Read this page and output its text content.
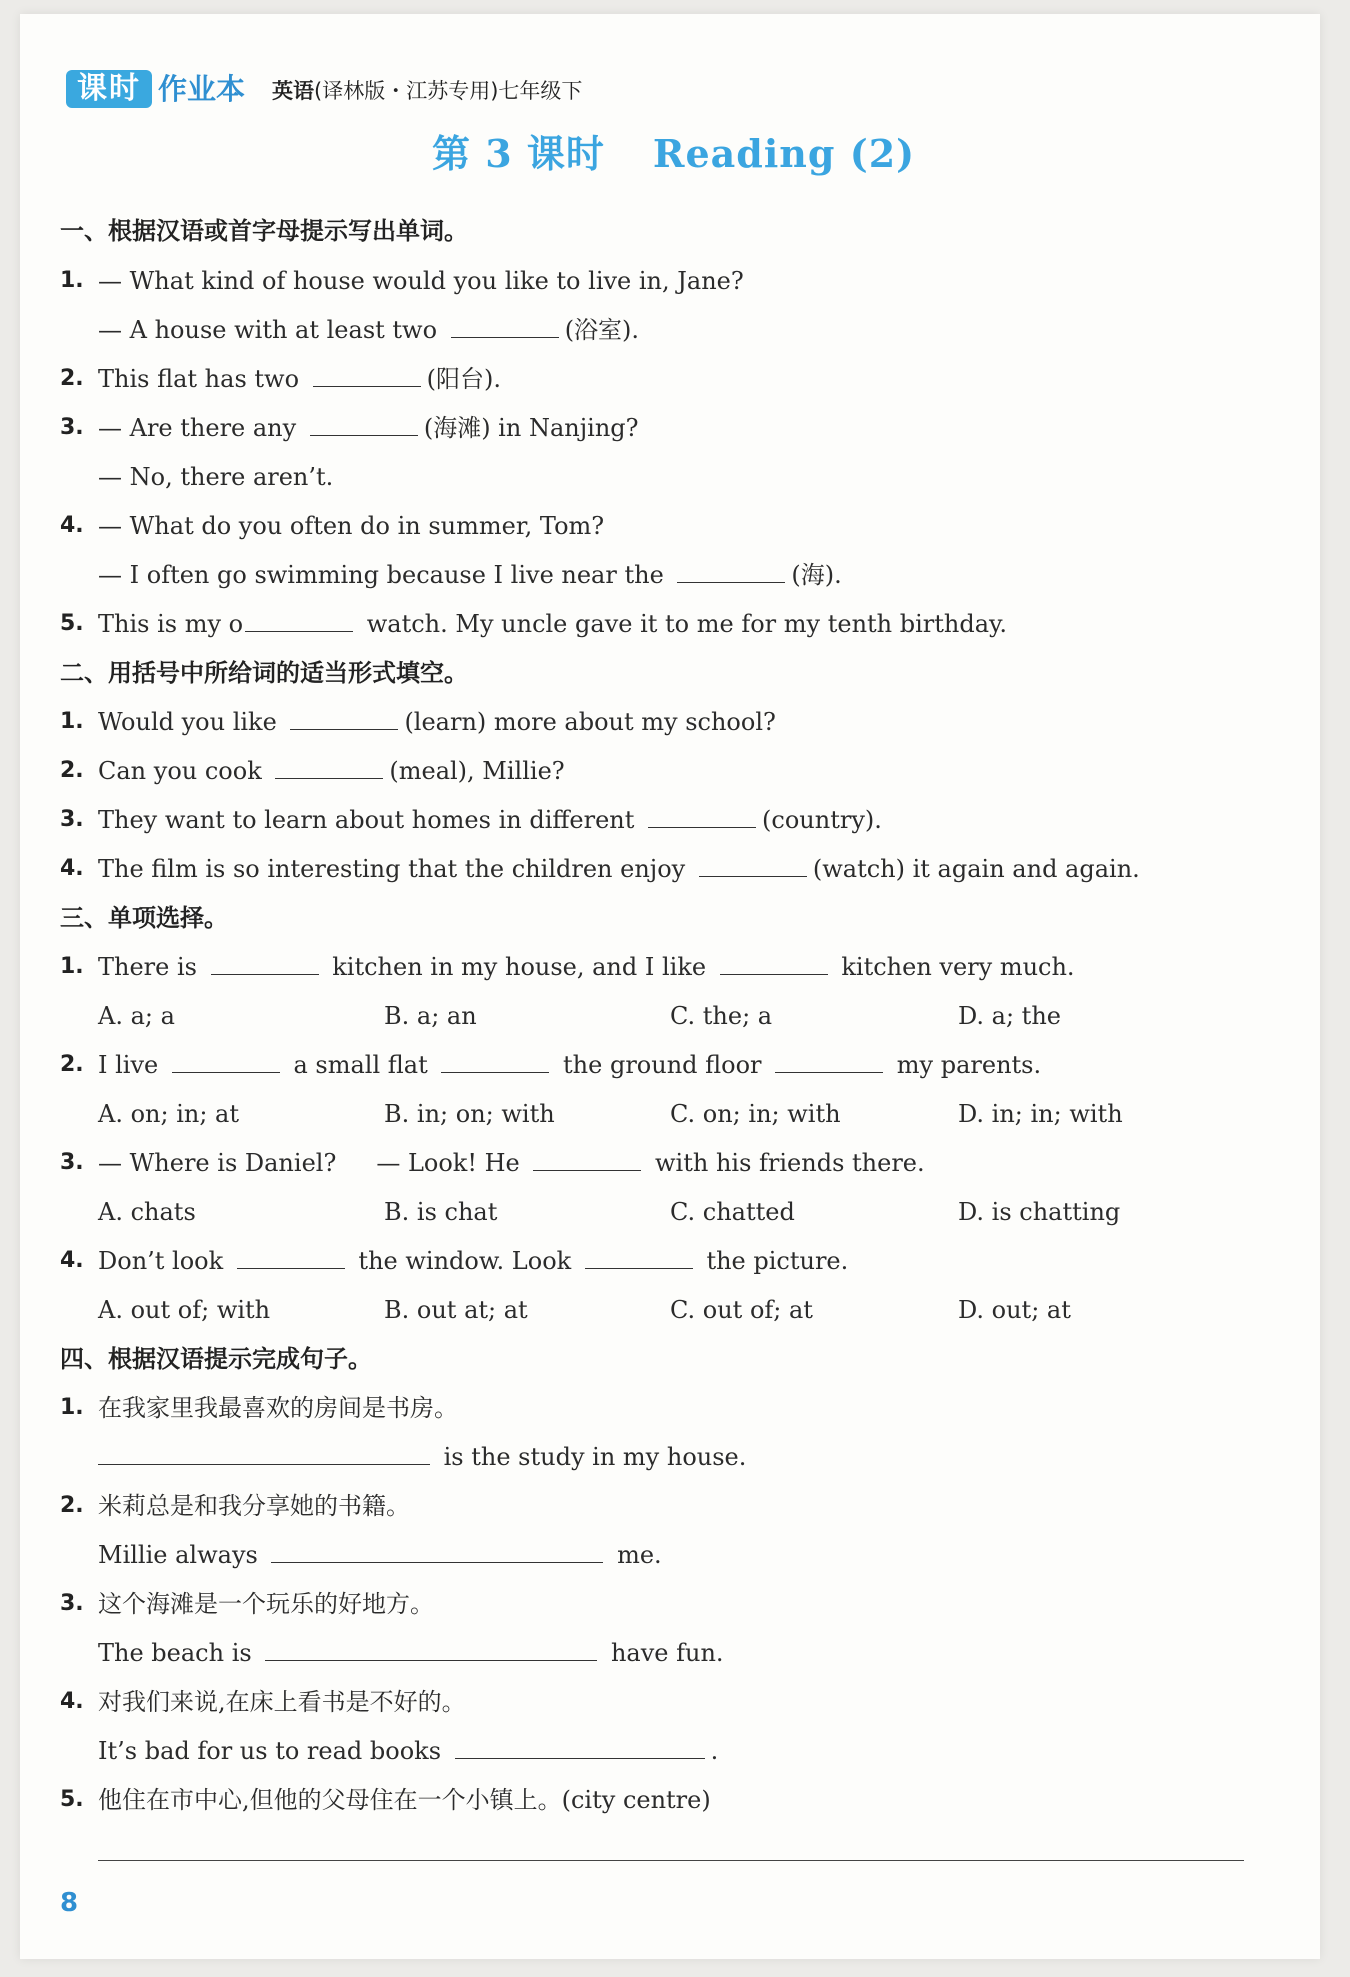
课时 作业本 英语(译林版・江苏专用)七年级下
第 3 课时 Reading (2)
一、根据汉语或首字母提示写出单词。
1. — What kind of house would you like to live in, Jane?
— A house with at least two	(浴室).
2. This flat has two	(阳台).
3. — Are there any	(海滩) in Nanjing?
— No, there aren’t.
4. — What do you often do in summer, Tom?
— I often go swimming because I live near the	(海).
5. This is my o	watch. My uncle gave it to me for my tenth birthday.
二、用括号中所给词的适当形式填空。
1. Would you like	(learn) more about my school?
2. Can you cook	(meal), Millie?
3. They want to learn about homes in different	(country).
4. The film is so interesting that the children enjoy	(watch) it again and again.
三、单项选择。
1. There is	kitchen in my house, and I like	kitchen very much.
A. a; a	B. a; an	C. the; a	D. a; the
2. I live	a small flat	the ground floor	my parents.
A. on; in; at	B. in; on; with	C. on; in; with	D. in; in; with
3. — Where is Daniel? — Look! He	with his friends there.
A. chats	B. is chat	C. chatted	D. is chatting
4. Don’t look	the window. Look	the picture.
A. out of; with	B. out at; at	C. out of; at	D. out; at
四、根据汉语提示完成句子。
1. 在我家里我最喜欢的房间是书房。
is the study in my house.
2. 米莉总是和我分享她的书籍。
Millie always	me.
3. 这个海滩是一个玩乐的好地方。
The beach is	have fun.
4. 对我们来说,在床上看书是不好的。
It’s bad for us to read books	.
5. 他住在市中心,但他的父母住在一个小镇上。(city centre)
8
